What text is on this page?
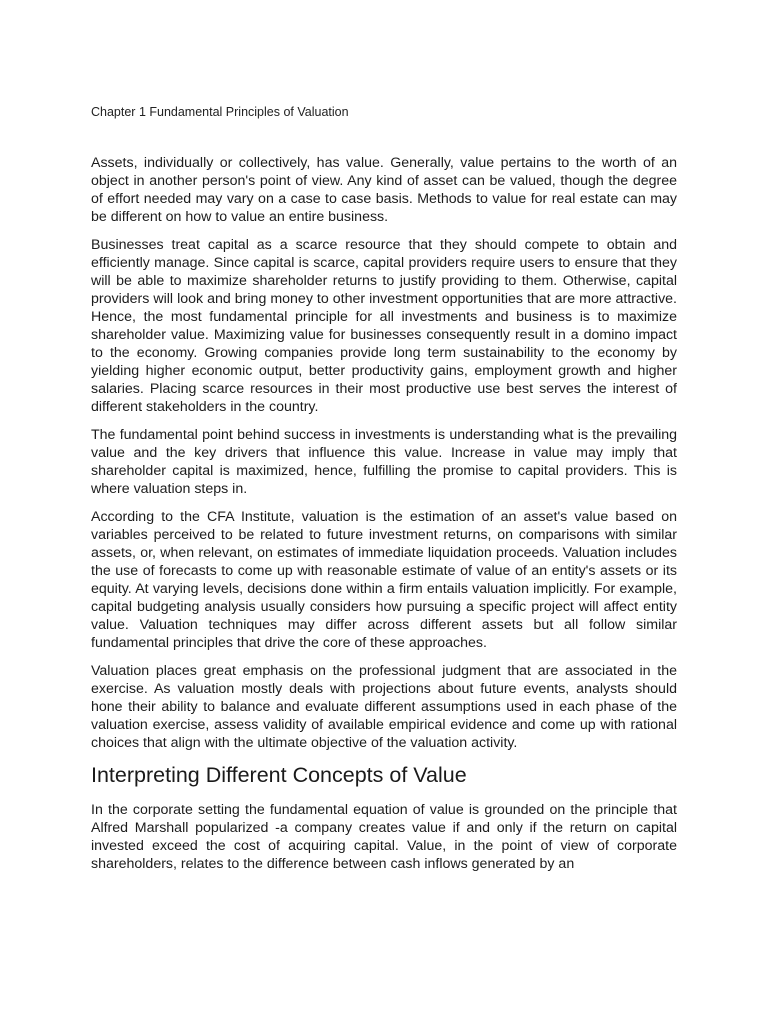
Chapter 1 Fundamental Principles of Valuation

Assets, individually or collectively, has value. Generally, value pertains to the worth of an object in another person's point of view. Any kind of asset can be valued, though the degree of effort needed may vary on a case to case basis. Methods to value for real estate can may be different on how to value an entire business.

Businesses treat capital as a scarce resource that they should compete to obtain and efficiently manage. Since capital is scarce, capital providers require users to ensure that they will be able to maximize shareholder returns to justify providing to them. Otherwise, capital providers will look and bring money to other investment opportunities that are more attractive. Hence, the most fundamental principle for all investments and business is to maximize shareholder value. Maximizing value for businesses consequently result in a domino impact to the economy. Growing companies provide long term sustainability to the economy by yielding higher economic output, better productivity gains, employment growth and higher salaries. Placing scarce resources in their most productive use best serves the interest of different stakeholders in the country.

The fundamental point behind success in investments is understanding what is the prevailing value and the key drivers that influence this value. Increase in value may imply that shareholder capital is maximized, hence, fulfilling the promise to capital providers. This is where valuation steps in.

According to the CFA Institute, valuation is the estimation of an asset's value based on variables perceived to be related to future investment returns, on comparisons with similar assets, or, when relevant, on estimates of immediate liquidation proceeds. Valuation includes the use of forecasts to come up with reasonable estimate of value of an entity's assets or its equity. At varying levels, decisions done within a firm entails valuation implicitly. For example, capital budgeting analysis usually considers how pursuing a specific project will affect entity value. Valuation techniques may differ across different assets but all follow similar fundamental principles that drive the core of these approaches.

Valuation places great emphasis on the professional judgment that are associated in the exercise. As valuation mostly deals with projections about future events, analysts should hone their ability to balance and evaluate different assumptions used in each phase of the valuation exercise, assess validity of available empirical evidence and come up with rational choices that align with the ultimate objective of the valuation activity.

Interpreting Different Concepts of Value

In the corporate setting the fundamental equation of value is grounded on the principle that Alfred Marshall popularized -a company creates value if and only if the return on capital invested exceed the cost of acquiring capital. Value, in the point of view of corporate shareholders, relates to the difference between cash inflows generated by an
